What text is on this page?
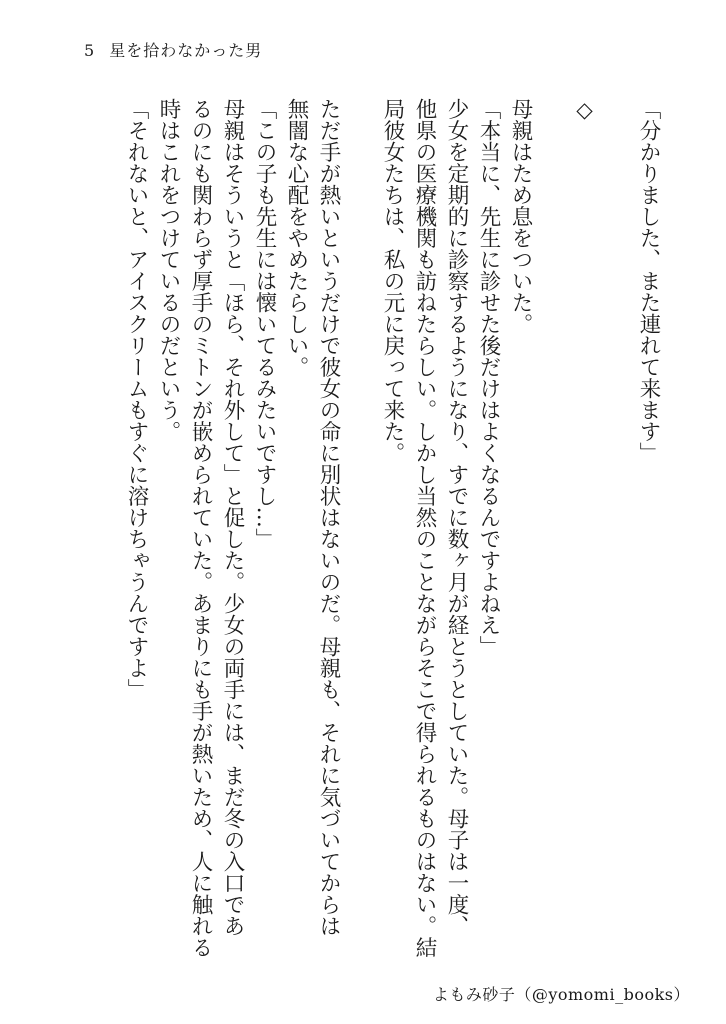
5 星を拾わなかった男
「分かりました、また連れて来ます」
◇
母親はため息をついた。
「本当に、先生に診せた後だけはよくなるんですよねえ」
少女を定期的に診察するようになり、すでに数ヶ月が経とうとしていた。母子は一度、
他県の医療機関も訪ねたらしい。しかし当然のことながらそこで得られるものはない。結
局彼女たちは、私の元に戻って来た。
ただ手が熱いというだけで彼女の命に別状はないのだ。母親も、それに気づいてからは
無闇な心配をやめたらしい。
「この子も先生には懐いてるみたいですし…」
母親はそういうと「ほら、それ外して」と促した。少女の両手には、まだ冬の入口であ
るのにも関わらず厚手のミトンが嵌められていた。あまりにも手が熱いため、人に触れる
時はこれをつけているのだという。
「それないと、アイスクリームもすぐに溶けちゃうんですよ」
よもみ砂子（@yomomi_books）
